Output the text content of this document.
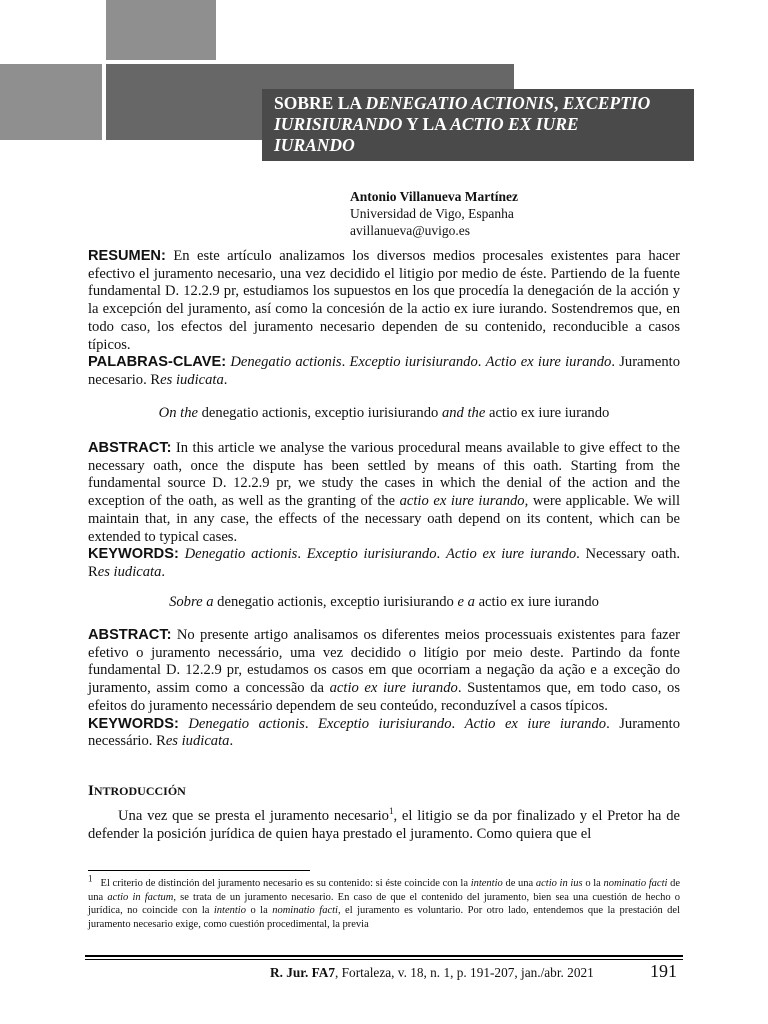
SOBRE LA DENEGATIO ACTIONIS, EXCEPTIO
IURISIURANDO Y LA ACTIO EX IURE
IURANDO
Antonio Villanueva Martínez
Universidad de Vigo, Espanha
avillanueva@uvigo.es
RESUMEN: En este artículo analizamos los diversos medios procesales existentes para hacer efectivo el juramento necesario, una vez decidido el litigio por medio de éste. Partiendo de la fuente fundamental D. 12.2.9 pr, estudiamos los supuestos en los que procedía la denegación de la acción y la excepción del juramento, así como la concesión de la actio ex iure iurando. Sostendremos que, en todo caso, los efectos del juramento necesario dependen de su contenido, reconducible a casos típicos.
PALABRAS-CLAVE: Denegatio actionis. Exceptio iurisiurando. Actio ex iure iurando. Juramento necesario. Res iudicata.
On the denegatio actionis, exceptio iurisiurando and the actio ex iure iurando
ABSTRACT: In this article we analyse the various procedural means available to give effect to the necessary oath, once the dispute has been settled by means of this oath. Starting from the fundamental source D. 12.2.9 pr, we study the cases in which the denial of the action and the exception of the oath, as well as the granting of the actio ex iure iurando, were applicable. We will maintain that, in any case, the effects of the necessary oath depend on its content, which can be extended to typical cases.
KEYWORDS: Denegatio actionis. Exceptio iurisiurando. Actio ex iure iurando. Necessary oath. Res iudicata.
Sobre a denegatio actionis, exceptio iurisiurando e a actio ex iure iurando
ABSTRACT: No presente artigo analisamos os diferentes meios processuais existentes para fazer efetivo o juramento necessário, uma vez decidido o litígio por meio deste. Partindo da fonte fundamental D. 12.2.9 pr, estudamos os casos em que ocorriam a negação da ação e a exceção do juramento, assim como a concessão da actio ex iure iurando. Sustentamos que, em todo caso, os efeitos do juramento necessário dependem de seu conteúdo, reconduzível a casos típicos.
KEYWORDS: Denegatio actionis. Exceptio iurisiurando. Actio ex iure iurando. Juramento necessário. Res iudicata.
INTRODUCCIÓN
Una vez que se presta el juramento necesario$^1$, el litigio se da por finalizado y el Pretor ha de defender la posición jurídica de quien haya prestado el juramento. Como quiera que el
$^1$ El criterio de distinción del juramento necesario es su contenido: si éste coincide con la intentio de una actio in ius o la nominatio facti de una actio in factum, se trata de un juramento necesario. En caso de que el contenido del juramento, bien sea una cuestión de hecho o jurídica, no coincide con la intentio o la nominatio facti, el juramento es voluntario. Por otro lado, entendemos que la prestación del juramento necesario exige, como cuestión procedimental, la previa
R. Jur. FA7, Fortaleza, v. 18, n. 1, p. 191-207, jan./abr. 2021	191
